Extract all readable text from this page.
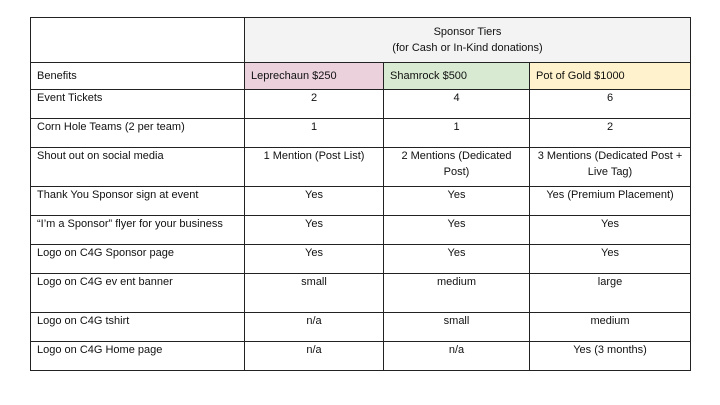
	Sponsor Tiers
(for Cash or In-Kind donations)		

Benefits	Leprechaun $250	Shamrock $500	Pot of Gold $1000
Event Tickets	2	4	6
Corn Hole Teams (2 per team)	1	1	2
Shout out on social media	1 Mention (Post List)	2 Mentions (Dedicated Post)	3 Mentions (Dedicated Post + Live Tag)
Thank You Sponsor sign at event	Yes	Yes	Yes (Premium Placement)
“I’m a Sponsor” flyer for your business	Yes	Yes	Yes
Logo on C4G Sponsor page	Yes	Yes	Yes
Logo on C4G ev ent banner	small	medium	large
Logo on C4G tshirt	n/a	small	medium
Logo on C4G Home page	n/a	n/a	Yes (3 months)
